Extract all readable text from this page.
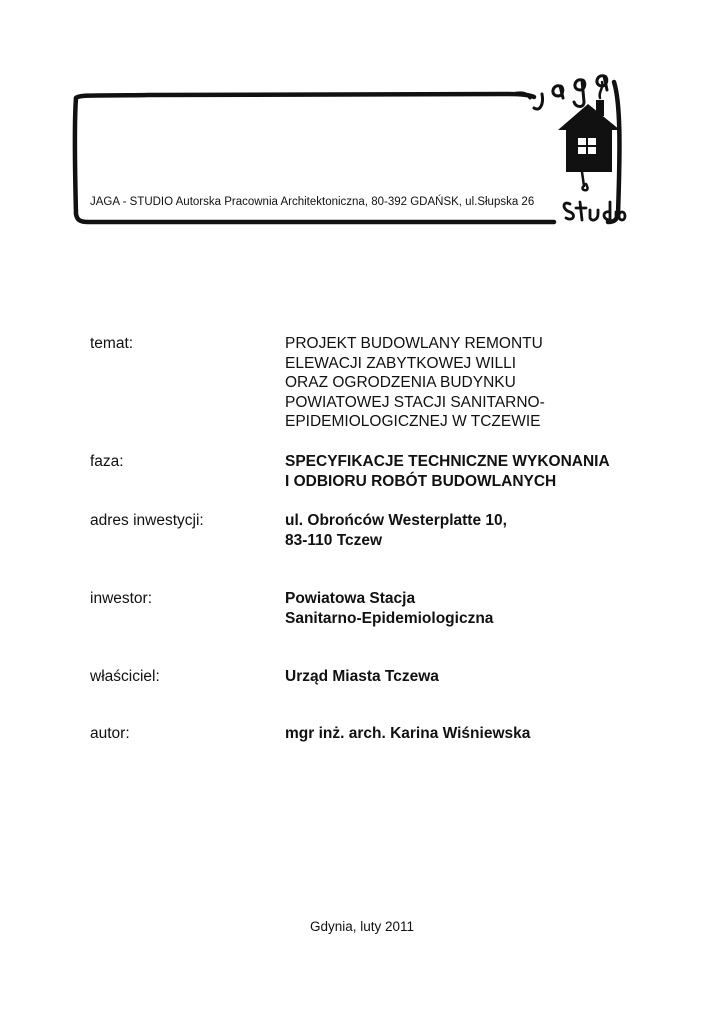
JAGA - STUDIO Autorska Pracownia Architektoniczna, 80-392 GDAŃSK, ul.Słupska 26
temat:	PROJEKT BUDOWLANY REMONTU
ELEWACJI ZABYTKOWEJ WILLI
ORAZ OGRODZENIA BUDYNKU
POWIATOWEJ STACJI SANITARNO-
EPIDEMIOLOGICZNEJ W TCZEWIE
faza:	SPECYFIKACJE TECHNICZNE WYKONANIA
I ODBIORU ROBÓT BUDOWLANYCH
adres inwestycji:	ul. Obrońców Westerplatte 10,
83-110 Tczew
inwestor:	Powiatowa Stacja
Sanitarno-Epidemiologiczna
właściciel:	Urząd Miasta Tczewa
autor:	mgr inż. arch. Karina Wiśniewska
Gdynia, luty 2011
